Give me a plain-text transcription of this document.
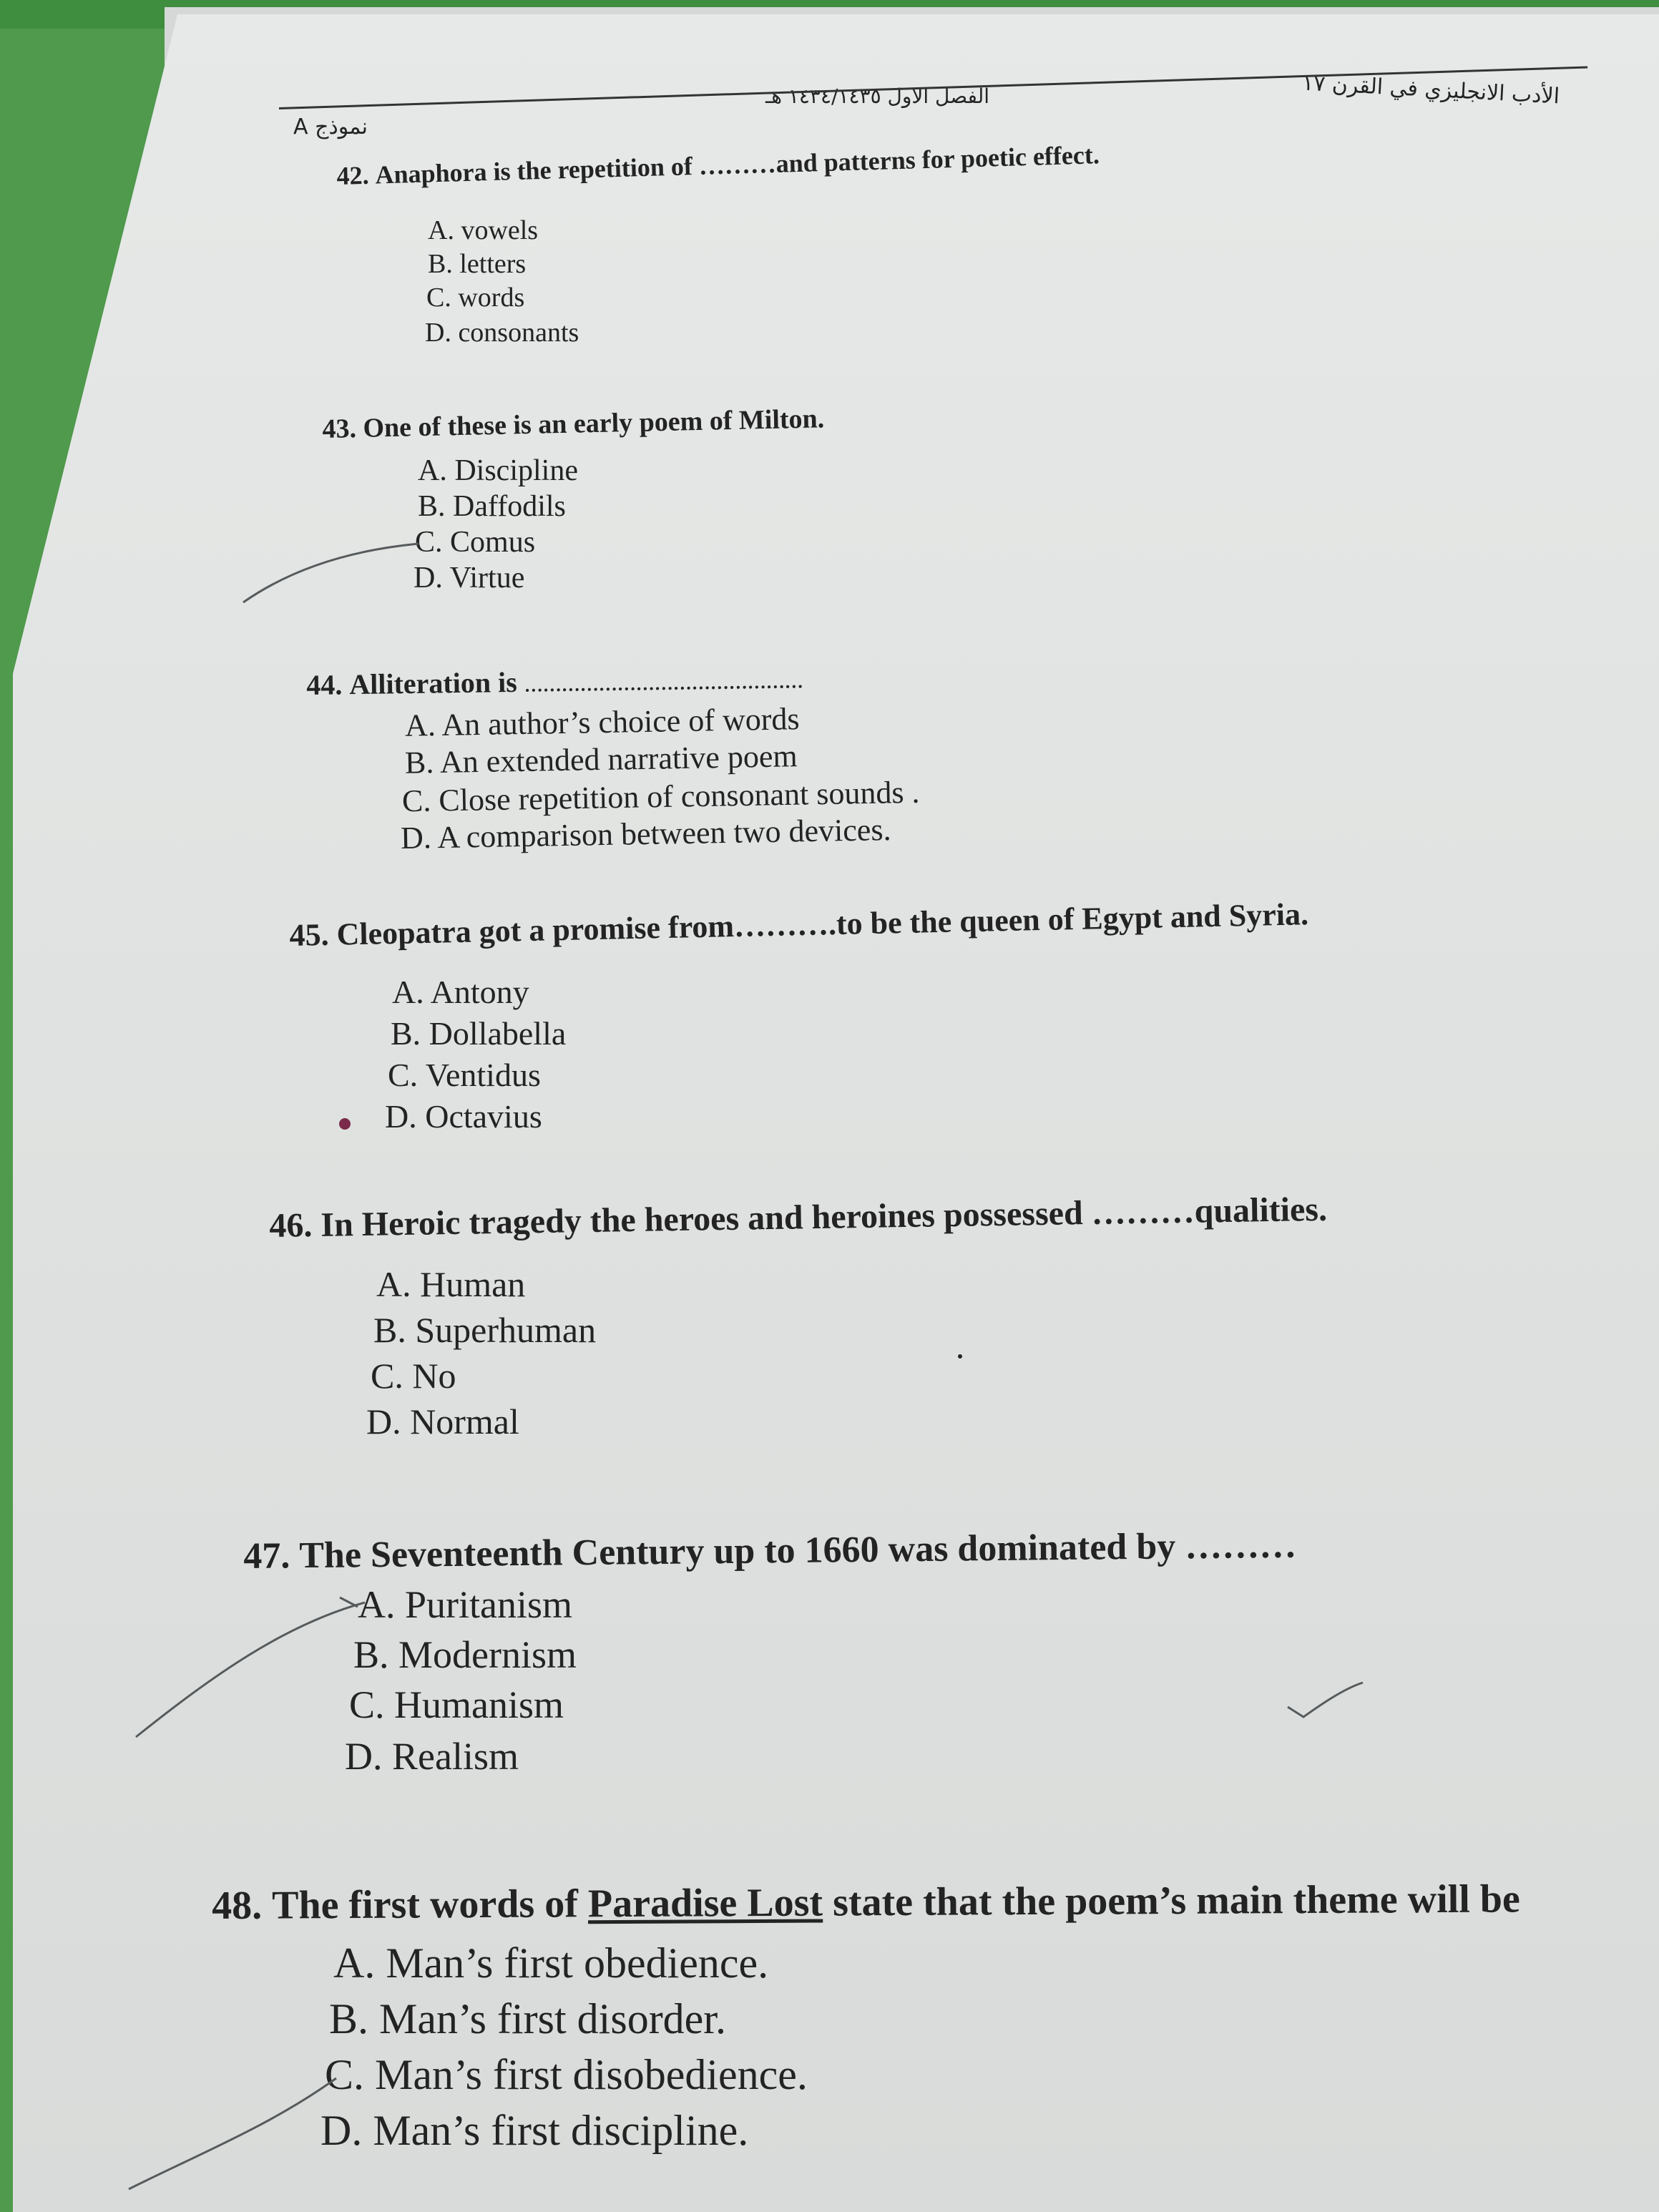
الأدب الانجليزي في القرن ١٧
الفصل الاول ١٤٣٤/١٤٣٥ هـ
نموذج A
42. Anaphora is the repetition of ………and patterns for poetic effect.
A. vowels
B. letters
C. words
D. consonants
43. One of these is an early poem of Milton.
A. Discipline
B. Daffodils
C. Comus
D. Virtue
44. Alliteration is ………………………………………
A. An author’s choice of words
B. An extended narrative poem
C. Close repetition of consonant sounds .
D. A comparison between two devices.
45. Cleopatra got a promise from……….to be the queen of Egypt and Syria.
A. Antony
B. Dollabella
C. Ventidus
D. Octavius
46. In Heroic tragedy the heroes and heroines possessed ………qualities.
A. Human
B. Superhuman
C. No
D. Normal
47. The Seventeenth Century up to 1660 was dominated by ………
A. Puritanism
B. Modernism
C. Humanism
D. Realism
48. The first words of Paradise Lost state that the poem’s main theme will be
A. Man’s first obedience.
B. Man’s first disorder.
C. Man’s first disobedience.
D. Man’s first discipline.
